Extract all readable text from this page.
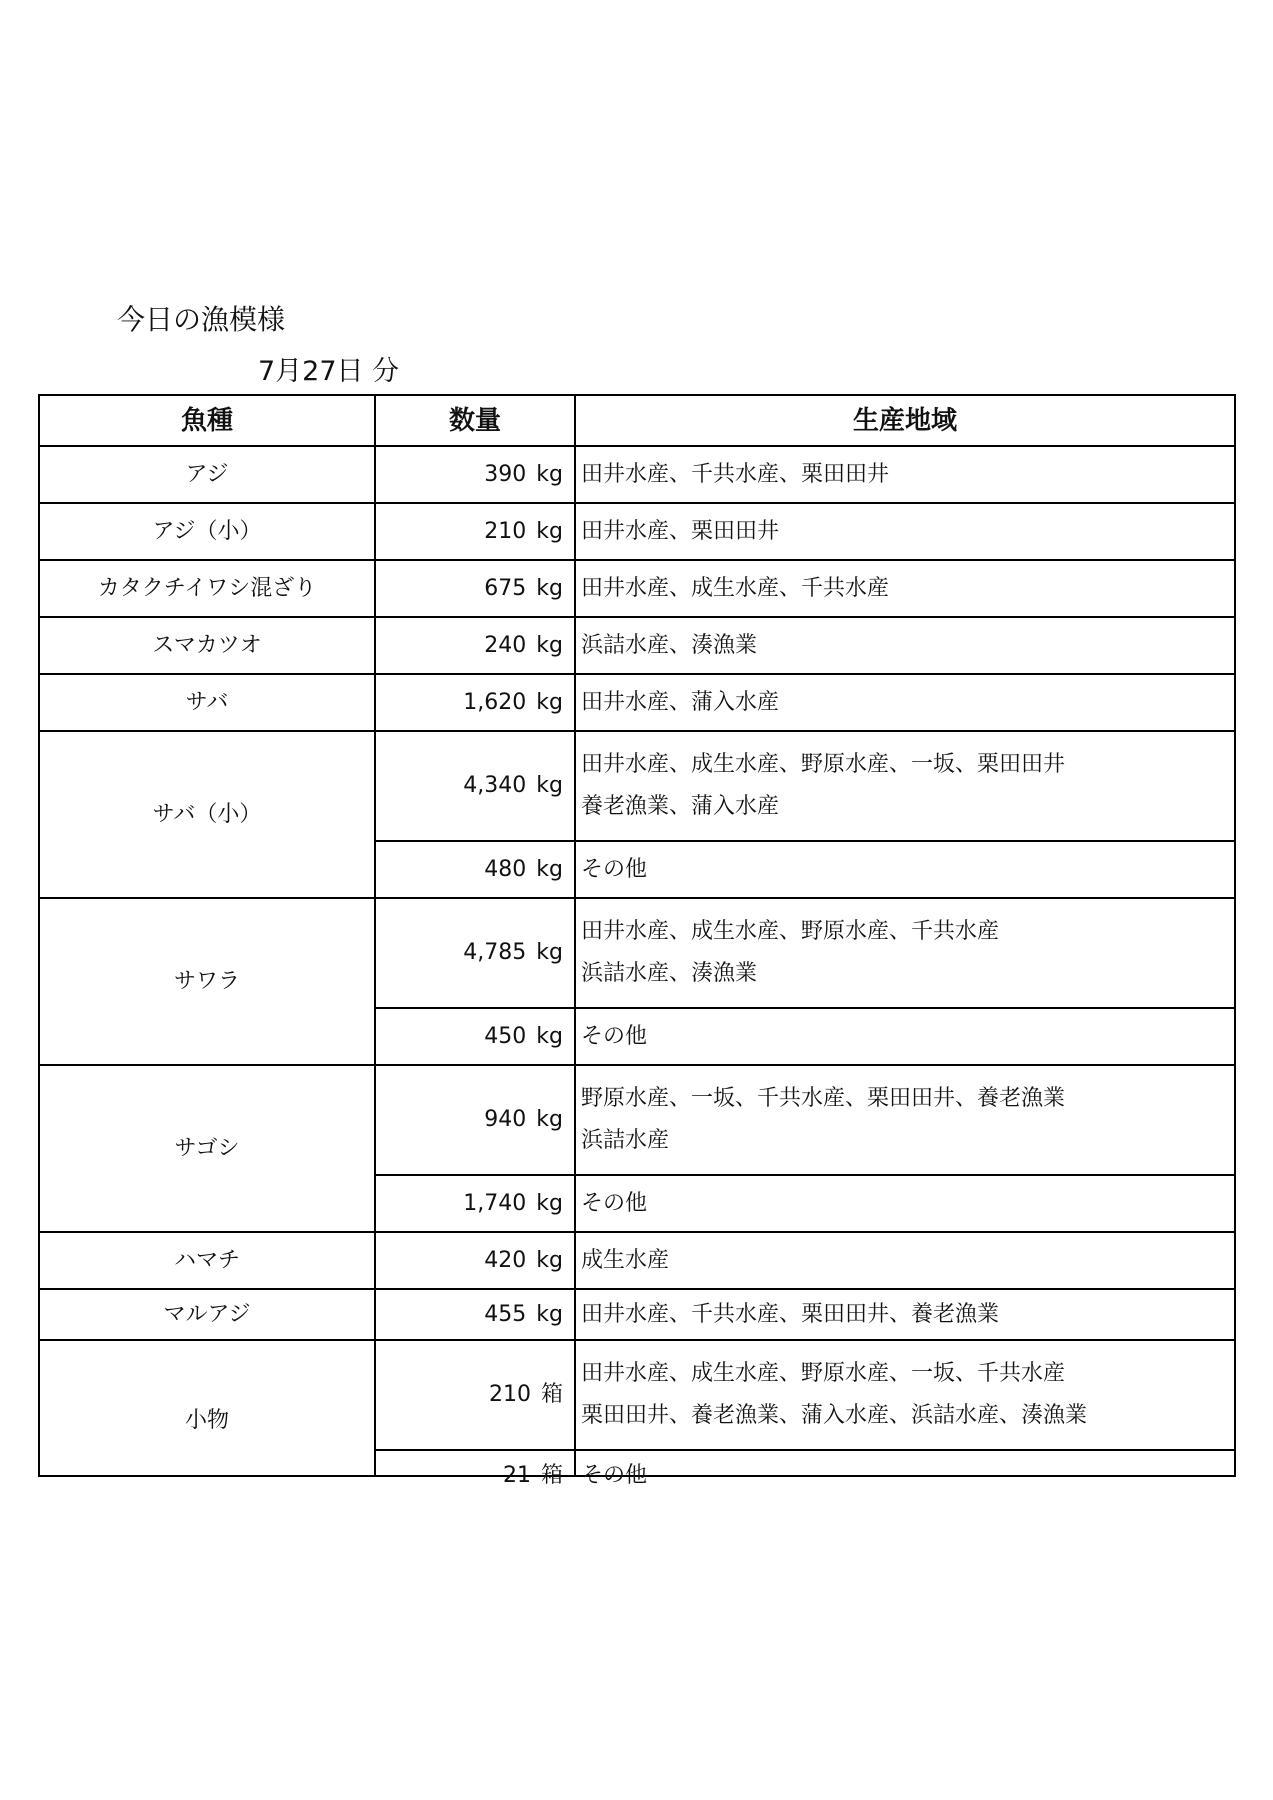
今日の漁模様
7月27日 分
魚種	数量	生産地域
390 kg 田井水産、千共水産、栗田田井
アジ
210 kg 田井水産、栗田田井
アジ（小）
675 kg 田井水産、成生水産、千共水産
カタクチイワシ混ざり
240 kg 浜詰水産、湊漁業
スマカツオ
1,620 kg 田井水産、蒲入水産
サバ
4,340 kg
田井水産、成生水産、野原水産、一坂、栗田田井
養老漁業、蒲入水産
480 kg その他
サバ（小）
4,785 kg
田井水産、成生水産、野原水産、千共水産
浜詰水産、湊漁業
450 kg その他
サワラ
940 kg
野原水産、一坂、千共水産、栗田田井、養老漁業
浜詰水産
1,740 kg その他
サゴシ
420 kg 成生水産
ハマチ
455 kg 田井水産、千共水産、栗田田井、養老漁業
マルアジ
210 箱
田井水産、成生水産、野原水産、一坂、千共水産
栗田田井、養老漁業、蒲入水産、浜詰水産、湊漁業
21 箱 その他
小物
